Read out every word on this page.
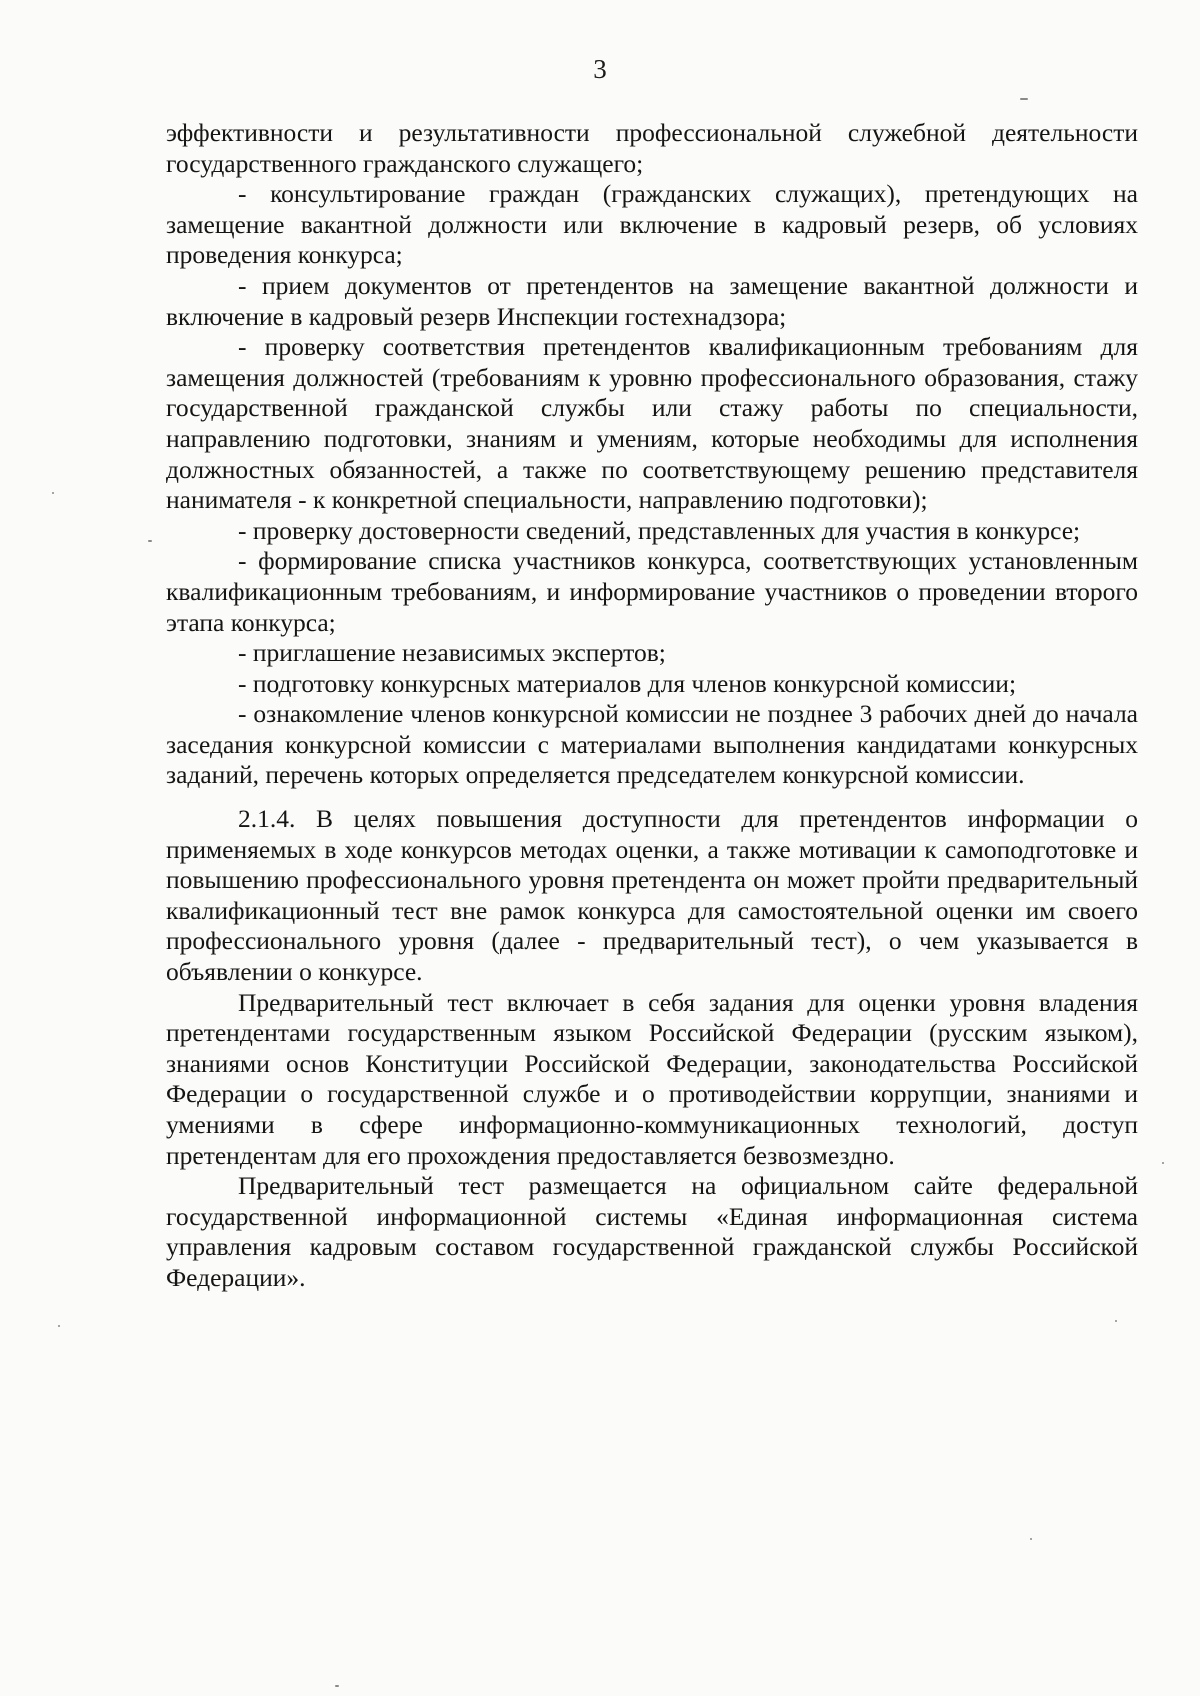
3

эффективности и результативности профессиональной служебной деятельности государственного гражданского служащего;

- консультирование граждан (гражданских служащих), претендующих на замещение вакантной должности или включение в кадровый резерв, об условиях проведения конкурса;

- прием документов от претендентов на замещение вакантной должности и включение в кадровый резерв Инспекции гостехнадзора;

- проверку соответствия претендентов квалификационным требованиям для замещения должностей (требованиям к уровню профессионального образования, стажу государственной гражданской службы или стажу работы по специальности, направлению подготовки, знаниям и умениям, которые необходимы для исполнения должностных обязанностей, а также по соответствующему решению представителя нанимателя - к конкретной специальности, направлению подготовки);

- проверку достоверности сведений, представленных для участия в конкурсе;

- формирование списка участников конкурса, соответствующих установленным квалификационным требованиям, и информирование участников о проведении второго этапа конкурса;

- приглашение независимых экспертов;

- подготовку конкурсных материалов для членов конкурсной комиссии;

- ознакомление членов конкурсной комиссии не позднее 3 рабочих дней до начала заседания конкурсной комиссии с материалами выполнения кандидатами конкурсных заданий, перечень которых определяется председателем конкурсной комиссии.

2.1.4. В целях повышения доступности для претендентов информации о применяемых в ходе конкурсов методах оценки, а также мотивации к самоподготовке и повышению профессионального уровня претендента он может пройти предварительный квалификационный тест вне рамок конкурса для самостоятельной оценки им своего профессионального уровня (далее - предварительный тест), о чем указывается в объявлении о конкурсе.

Предварительный тест включает в себя задания для оценки уровня владения претендентами государственным языком Российской Федерации (русским языком), знаниями основ Конституции Российской Федерации, законодательства Российской Федерации о государственной службе и о противодействии коррупции, знаниями и умениями в сфере информационно-коммуникационных технологий, доступ претендентам для его прохождения предоставляется безвозмездно.

Предварительный тест размещается на официальном сайте федеральной государственной информационной системы «Единая информационная система управления кадровым составом государственной гражданской службы Российской Федерации».
